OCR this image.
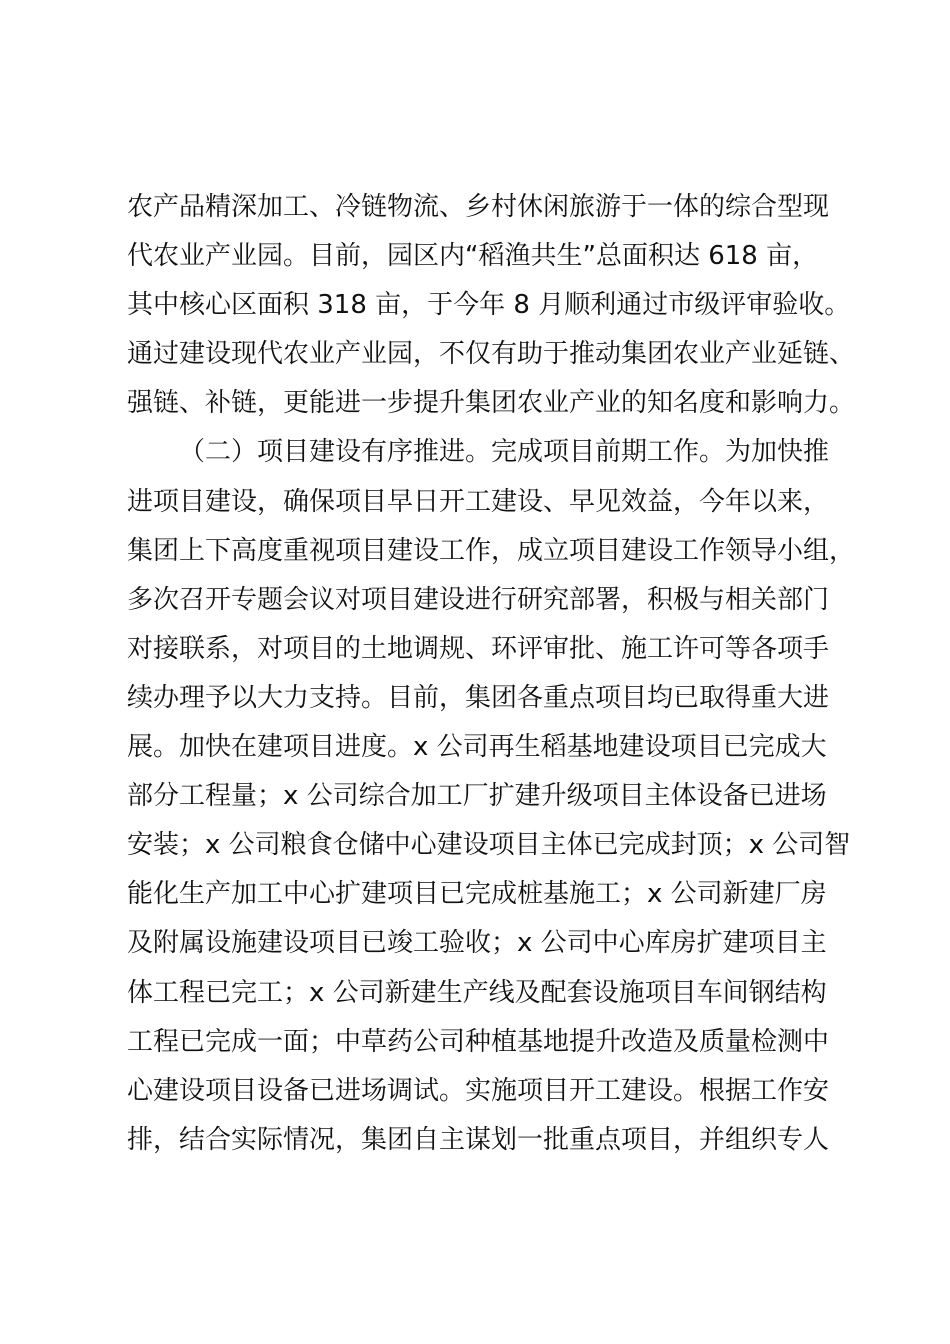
农产品精深加工、冷链物流、乡村休闲旅游于一体的综合型现
代农业产业园。目前，园区内“稻渔共生”总面积达 618 亩，
其中核心区面积 318 亩，于今年 8 月顺利通过市级评审验收。
通过建设现代农业产业园，不仅有助于推动集团农业产业延链、
强链、补链，更能进一步提升集团农业产业的知名度和影响力。
（二）项目建设有序推进。完成项目前期工作。为加快推
进项目建设，确保项目早日开工建设、早见效益，今年以来，
集团上下高度重视项目建设工作，成立项目建设工作领导小组，
多次召开专题会议对项目建设进行研究部署，积极与相关部门
对接联系，对项目的土地调规、环评审批、施工许可等各项手
续办理予以大力支持。目前，集团各重点项目均已取得重大进
展。加快在建项目进度。x 公司再生稻基地建设项目已完成大
部分工程量；x 公司综合加工厂扩建升级项目主体设备已进场
安装；x 公司粮食仓储中心建设项目主体已完成封顶；x 公司智
能化生产加工中心扩建项目已完成桩基施工；x 公司新建厂房
及附属设施建设项目已竣工验收；x 公司中心库房扩建项目主
体工程已完工；x 公司新建生产线及配套设施项目车间钢结构
工程已完成一面；中草药公司种植基地提升改造及质量检测中
心建设项目设备已进场调试。实施项目开工建设。根据工作安
排，结合实际情况，集团自主谋划一批重点项目，并组织专人
